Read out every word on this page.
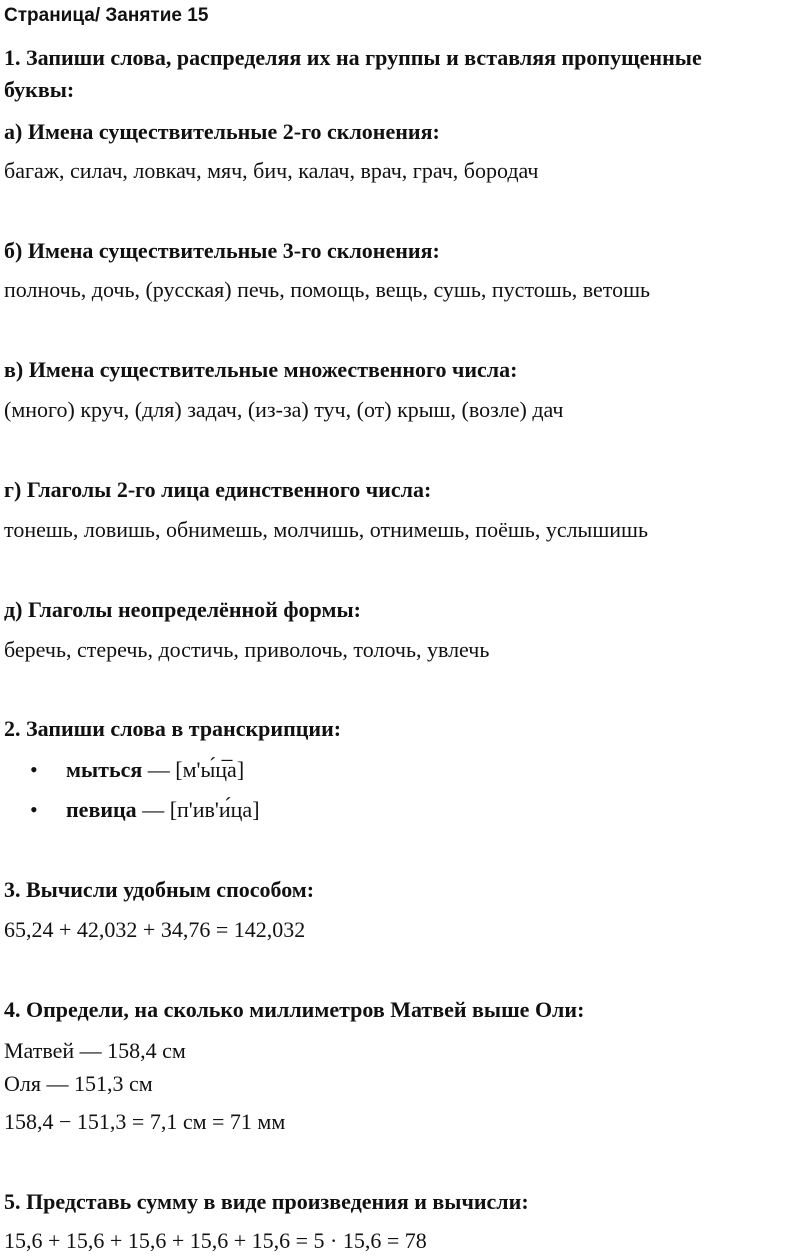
Страница/ Занятие 15
1. Запиши слова, распределяя их на группы и вставляя пропущенные
буквы:
а) Имена существительные 2-го склонения:
багаж, силач, ловкач, мяч, бич, калач, врач, грач, бородач
б) Имена существительные 3-го склонения:
полночь, дочь, (русская) печь, помощь, вещь, сушь, пустошь, ветошь
в) Имена существительные множественного числа:
(много) круч, (для) задач, (из-за) туч, (от) крыш, (возле) дач
г) Глаголы 2-го лица единственного числа:
тонешь, ловишь, обнимешь, молчишь, отнимешь, поёшь, услышишь
д) Глаголы неопределённой формы:
беречь, стеречь, достичь, приволочь, толочь, увлечь
2. Запиши слова в транскрипции:
• мыться — [м'ы́ц̅а]
• певица — [п'ив'и́ца]
3. Вычисли удобным способом:
65,24 + 42,032 + 34,76 = 142,032
4. Определи, на сколько миллиметров Матвей выше Оли:
Матвей — 158,4 см
Оля — 151,3 см
158,4 − 151,3 = 7,1 см = 71 мм
5. Представь сумму в виде произведения и вычисли:
15,6 + 15,6 + 15,6 + 15,6 + 15,6 = 5 · 15,6 = 78
